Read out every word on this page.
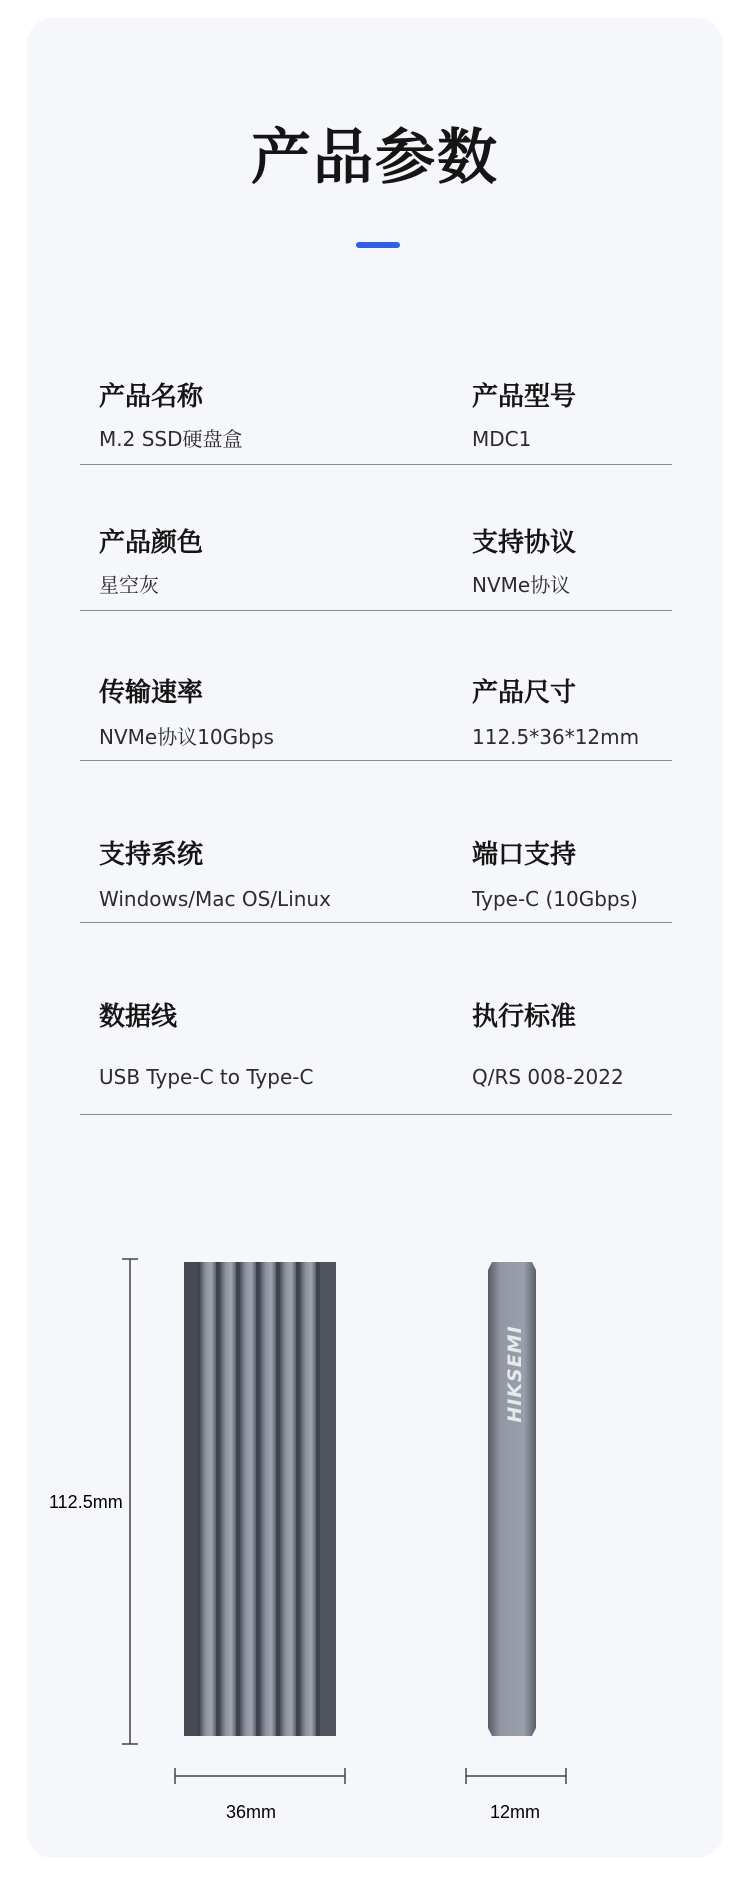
产品参数
产品名称
M.2 SSD硬盘盒
产品型号
MDC1
产品颜色
星空灰
支持协议
NVMe协议
传输速率
NVMe协议10Gbps
产品尺寸
112.5*36*12mm
支持系统
Windows/Mac OS/Linux
端口支持
Type-C (10Gbps)
数据线
USB Type-C to Type-C
执行标准
Q/RS 008-2022
112.5mm
HIKSEMI
36mm	12mm
